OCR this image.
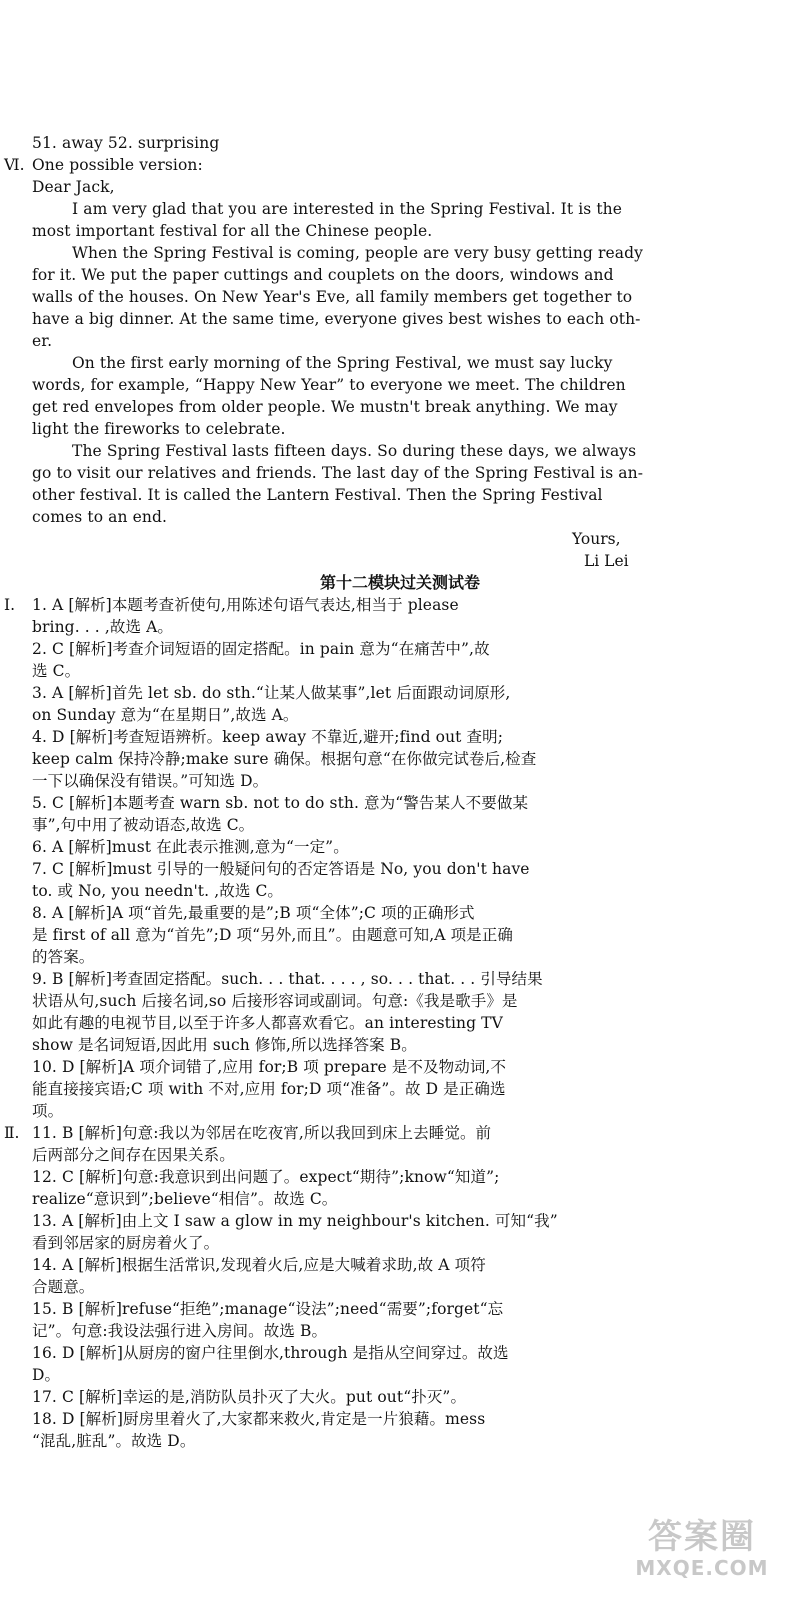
51. away 52. surprising
Ⅵ. One possible version:
Dear Jack,
I am very glad that you are interested in the Spring Festival. It is the
most important festival for all the Chinese people.
When the Spring Festival is coming, people are very busy getting ready
for it. We put the paper cuttings and couplets on the doors, windows and
walls of the houses. On New Year's Eve, all family members get together to
have a big dinner. At the same time, everyone gives best wishes to each oth-
er.
On the first early morning of the Spring Festival, we must say lucky
words, for example, “Happy New Year” to everyone we meet. The children
get red envelopes from older people. We mustn't break anything. We may
light the fireworks to celebrate.
The Spring Festival lasts fifteen days. So during these days, we always
go to visit our relatives and friends. The last day of the Spring Festival is an-
other festival. It is called the Lantern Festival. Then the Spring Festival
comes to an end.
Yours,
Li Lei
第十二模块过关测试卷
Ⅰ.	1. A [解析]本题考查祈使句,用陈述句语气表达,相当于 please
bring. . . ,故选 A。
2. C [解析]考查介词短语的固定搭配。in pain 意为“在痛苦中”,故
选 C。
3. A [解析]首先 let sb. do sth.“让某人做某事”,let 后面跟动词原形,
on Sunday 意为“在星期日”,故选 A。
4. D [解析]考查短语辨析。keep away 不靠近,避开;find out 查明;
keep calm 保持冷静;make sure 确保。根据句意“在你做完试卷后,检查
一下以确保没有错误。”可知选 D。
5. C [解析]本题考查 warn sb. not to do sth. 意为“警告某人不要做某
事”,句中用了被动语态,故选 C。
6. A [解析]must 在此表示推测,意为“一定”。
7. C [解析]must 引导的一般疑问句的否定答语是 No, you don't have
to. 或 No, you needn't. ,故选 C。
8. A [解析]A 项“首先,最重要的是”;B 项“全体”;C 项的正确形式
是 first of all 意为“首先”;D 项“另外,而且”。由题意可知,A 项是正确
的答案。
9. B [解析]考查固定搭配。such. . . that. . . . , so. . . that. . . 引导结果
状语从句,such 后接名词,so 后接形容词或副词。句意:《我是歌手》是
如此有趣的电视节目,以至于许多人都喜欢看它。an interesting TV
show 是名词短语,因此用 such 修饰,所以选择答案 B。
10. D [解析]A 项介词错了,应用 for;B 项 prepare 是不及物动词,不
能直接接宾语;C 项 with 不对,应用 for;D 项“准备”。故 D 是正确选
项。
Ⅱ. 11. B [解析]句意:我以为邻居在吃夜宵,所以我回到床上去睡觉。前
后两部分之间存在因果关系。
12. C [解析]句意:我意识到出问题了。expect“期待”;know“知道”;
realize“意识到”;believe“相信”。故选 C。
13. A [解析]由上文 I saw a glow in my neighbour's kitchen. 可知“我”
看到邻居家的厨房着火了。
14. A [解析]根据生活常识,发现着火后,应是大喊着求助,故 A 项符
合题意。
15. B [解析]refuse“拒绝”;manage“设法”;need“需要”;forget“忘
记”。句意:我设法强行进入房间。故选 B。
16. D [解析]从厨房的窗户往里倒水,through 是指从空间穿过。故选
D。
17. C [解析]幸运的是,消防队员扑灭了大火。put out“扑灭”。
18. D [解析]厨房里着火了,大家都来救火,肯定是一片狼藉。mess
“混乱,脏乱”。故选 D。
答案圈
MXQE.COM
